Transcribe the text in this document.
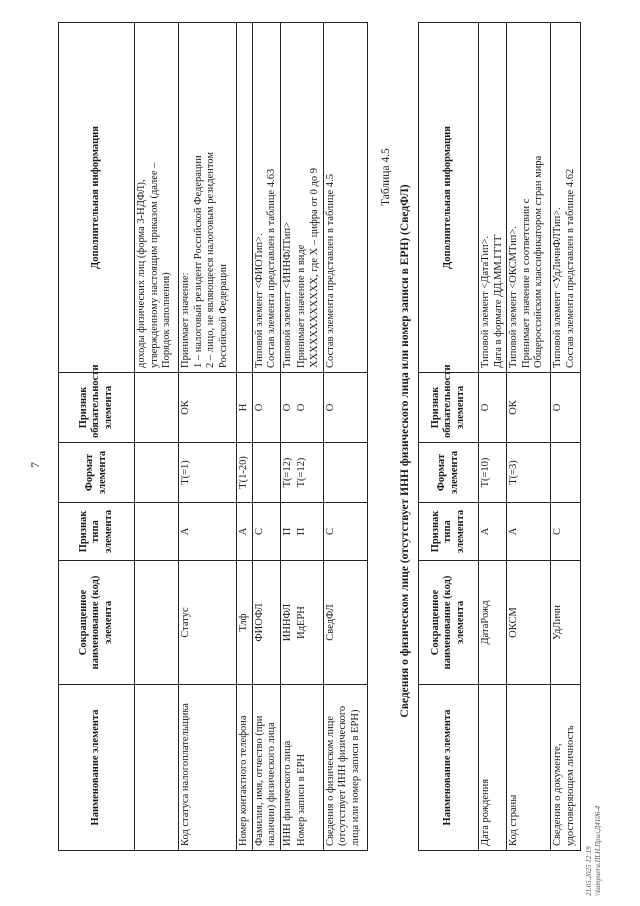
7
Наименование элемента	Сокращенное наименование (код) элемента	Признак типа элемента	Формат элемента	Признак обязательности элемента	Дополнительная информация

					доходы физических лиц (форма 3-НДФЛ), утвержденному настоящим приказом (далее – Порядок заполнения)

Код статуса налогоплательщика	Статус	А	T(=1)	ОК	Принимает значение: 1 – налоговый резидент Российской Федерации 2 – лицо, не являющееся налоговым резидентом Российской Федерации

Номер контактного телефона	Тлф	А	T(1-20)	Н	
Фамилия, имя, отчество (при наличии) физического лица	ФИОФЛ	С		О	Типовой элемент <ФИОТип>. Состав элемента представлен в таблице 4.63

ИНН физического лица	ИННФЛ	П	T(=12)	О	Типовой элемент <ИННФЛТип>

Номер записи в ЕРН	ИдЕРН	П	T(=12)	О	Принимает значение в виде XXXXXXXXXXXX, где X – цифра от 0 до 9

Сведения о физическом лице (отсутствует ИНН физического лица или номер записи в ЕРН)	СведФЛ	С		О	Состав элемента представлен в таблице 4.5	Таблица 4.5
Сведения о физическом лице (отсутствует ИНН физического лица или номер записи в ЕРН) (СведФЛ)
Наименование элемента	Сокращенное наименование (код) элемента	Признак типа элемента	Формат элемента	Признак обязательности элемента	Дополнительная информация
Дата рождения	ДатаРожд	А	T(=10)	О	Типовой элемент <ДатаТип>. Дата в формате ДД.ММ.ГГГГ

Код страны	ОКСМ	А	T(=3)	ОК	Типовой элемент <ОКСМТип>. Принимает значение в соответствии с Общероссийским классификатором стран мира

Сведения о документе, удостоверяющем личность	УдЛичн	С		О	Типовой элемент <УдЛичнФЛТип>. Состав элемента представлен в таблице 4.62
21.05.2025 12:19 \\kumpuera.IILH.Прил.Д4106-4
